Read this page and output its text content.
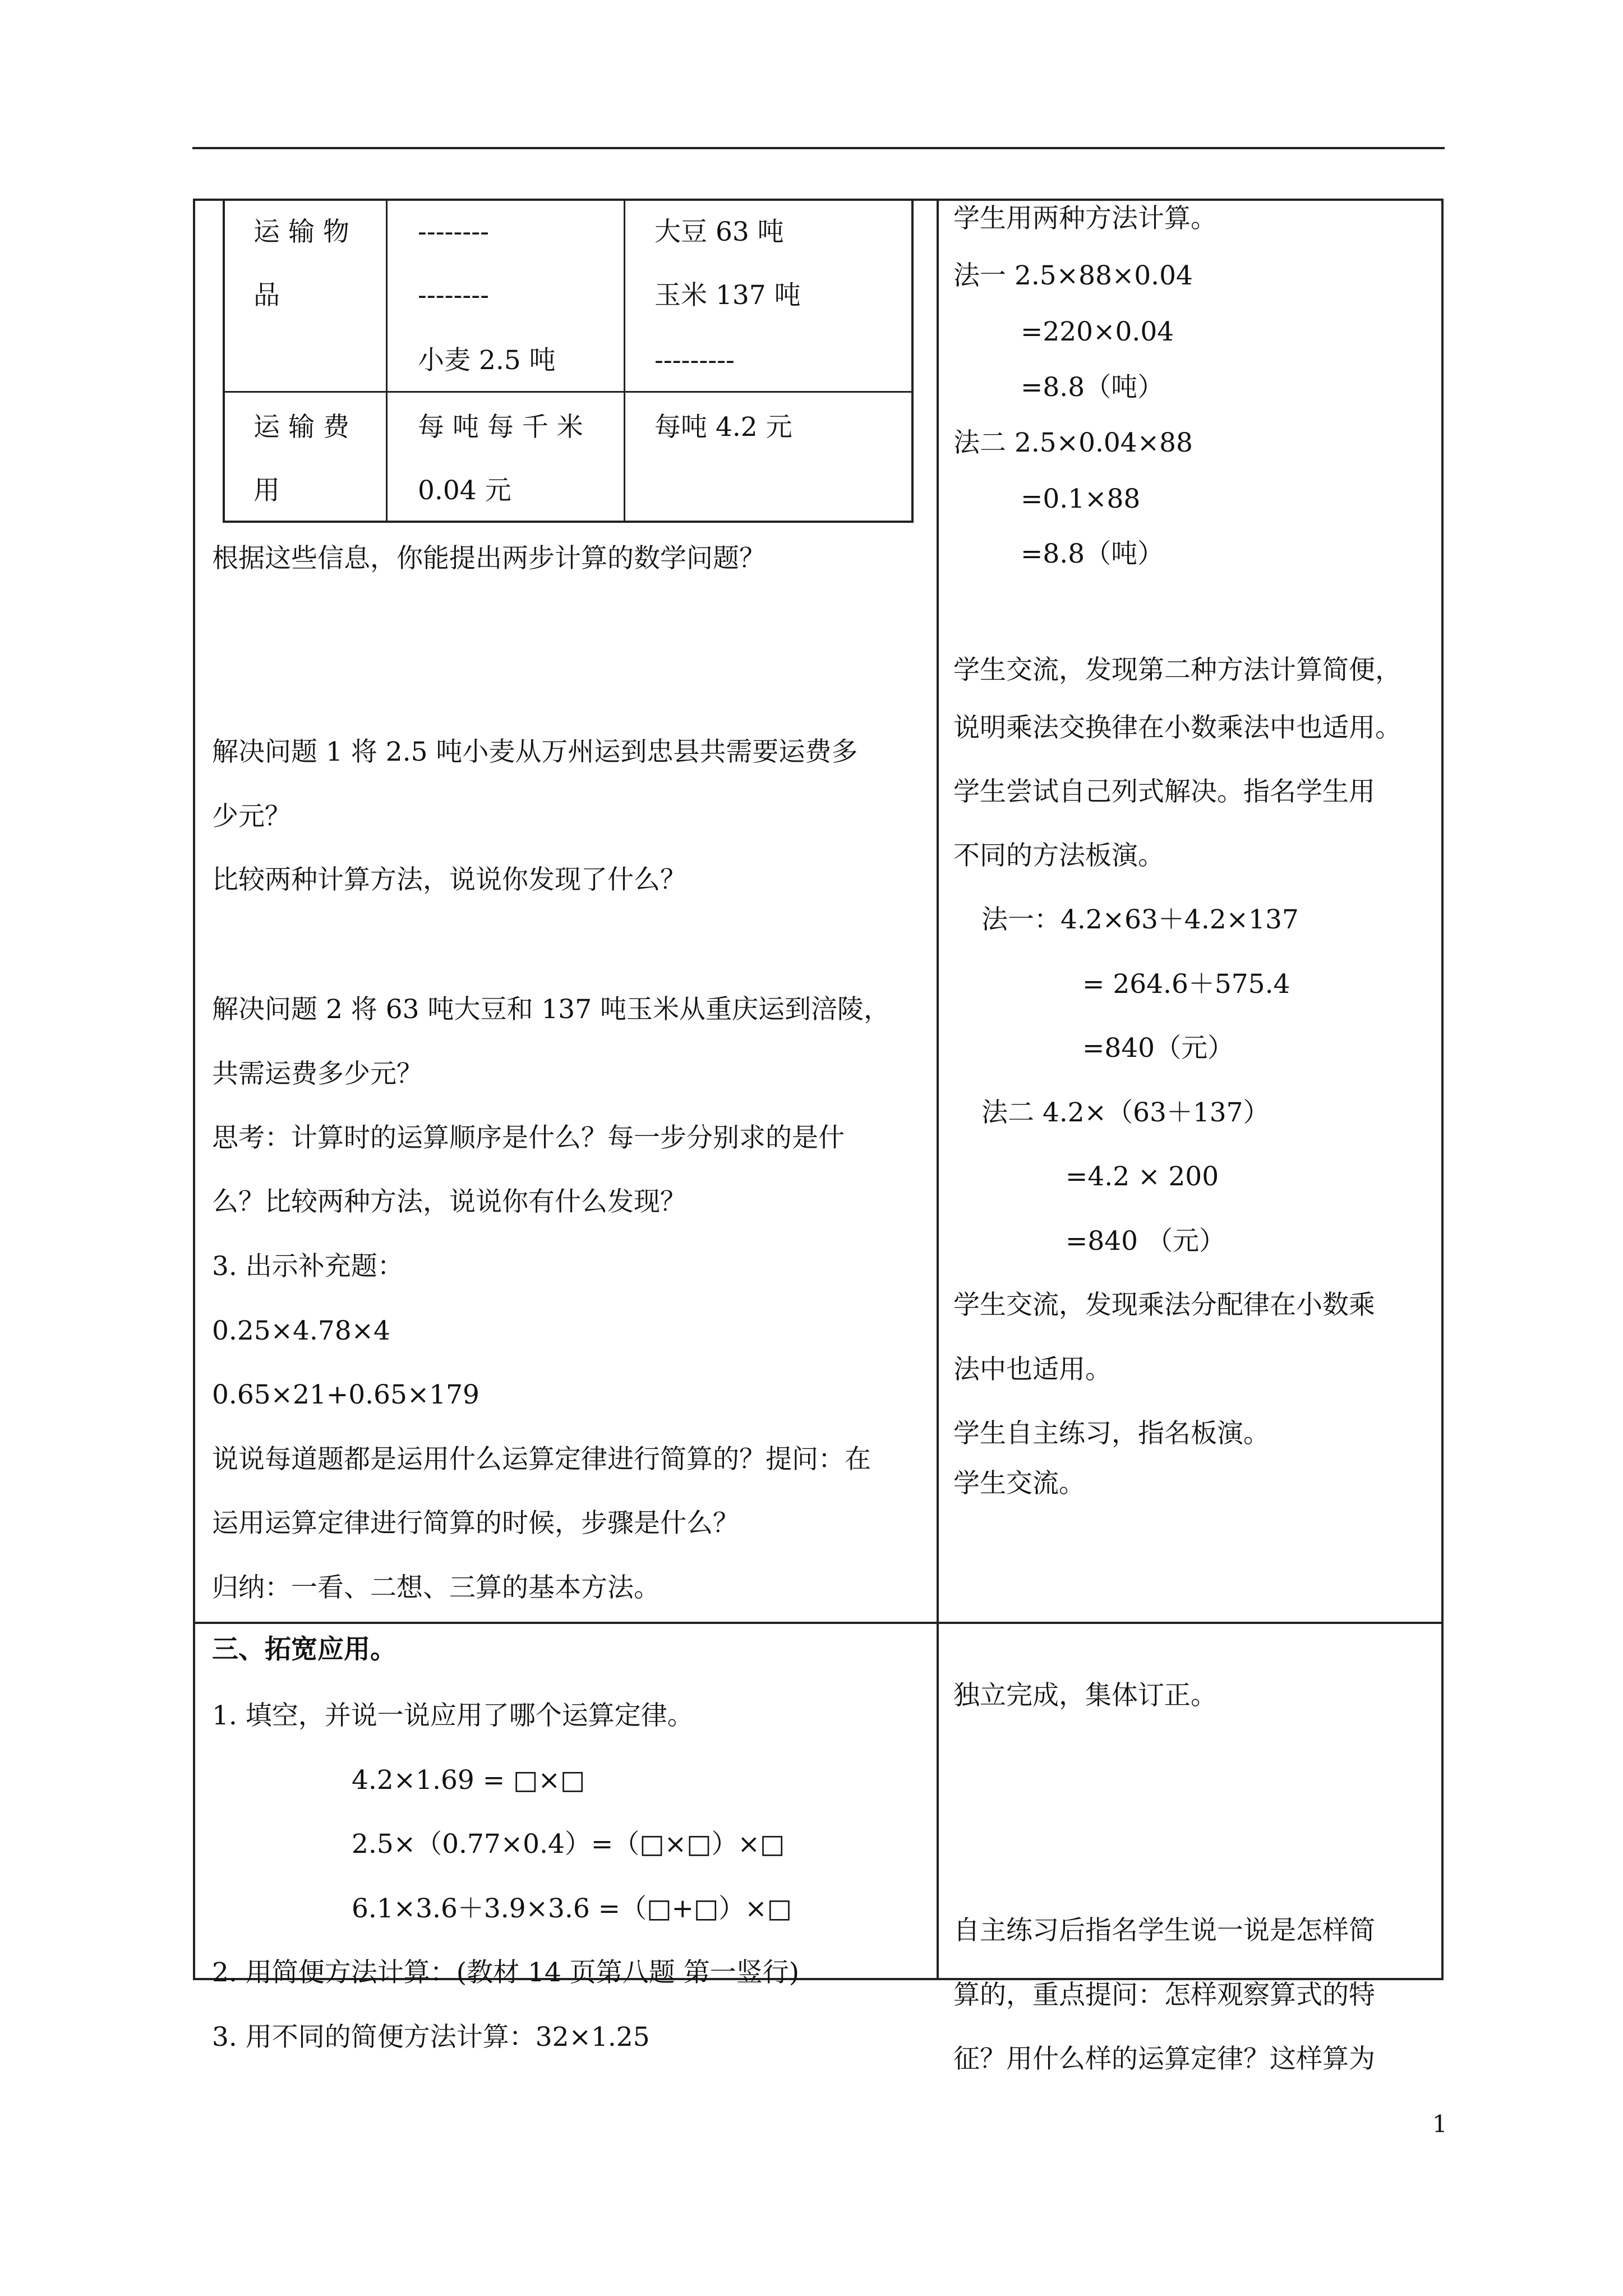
运 输 物
品
--------
--------
小麦 2.5 吨
大豆 63 吨
玉米 137 吨
---------
运 输 费
用
每 吨 每 千 米
0.04 元
每吨 4.2 元
根据这些信息，你能提出两步计算的数学问题？
解决问题 1 将 2.5 吨小麦从万州运到忠县共需要运费多
少元？
比较两种计算方法，说说你发现了什么？
解决问题 2 将 63 吨大豆和 137 吨玉米从重庆运到涪陵，
共需运费多少元？
思考：计算时的运算顺序是什么？每一步分别求的是什
么？比较两种方法，说说你有什么发现？
3. 出示补充题：
0.25×4.78×4
0.65×21+0.65×179
说说每道题都是运用什么运算定律进行简算的？提问：在
运用运算定律进行简算的时候，步骤是什么？
归纳：一看、二想、三算的基本方法。
学生用两种方法计算。
法一 2.5×88×0.04
=220×0.04
=8.8（吨）
法二 2.5×0.04×88
=0.1×88
=8.8（吨）
学生交流，发现第二种方法计算简便，
说明乘法交换律在小数乘法中也适用。
学生尝试自己列式解决。指名学生用
不同的方法板演。
法一：4.2×63＋4.2×137
= 264.6＋575.4
=840（元）
法二 4.2×（63＋137）
=4.2 × 200
=840 （元）
学生交流，发现乘法分配律在小数乘
法中也适用。
学生自主练习，指名板演。
学生交流。
三、拓宽应用。
1. 填空，并说一说应用了哪个运算定律。
4.2×1.69 = □×□
2.5×（0.77×0.4）=（□×□）×□
6.1×3.6＋3.9×3.6 =（□+□）×□
2. 用简便方法计算：(教材 14 页第八题 第一竖行)
3. 用不同的简便方法计算：32×1.25
独立完成，集体订正。
自主练习后指名学生说一说是怎样简
算的，重点提问：怎样观察算式的特
征？用什么样的运算定律？这样算为
1
